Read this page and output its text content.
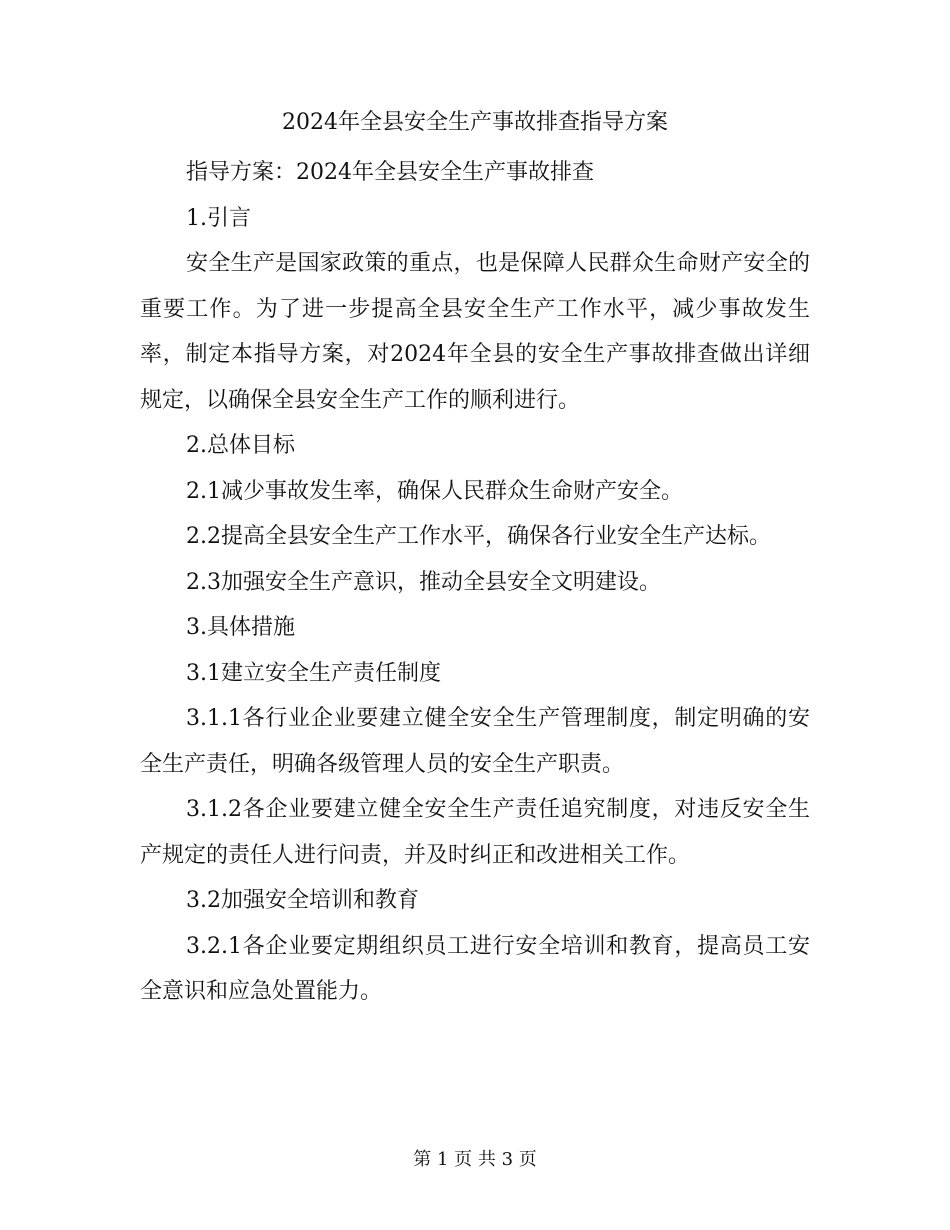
2024年全县安全生产事故排查指导方案

指导方案：2024年全县安全生产事故排查

1.引言

安全生产是国家政策的重点，也是保障人民群众生命财产安全的重要工作。为了进一步提高全县安全生产工作水平，减少事故发生率，制定本指导方案，对2024年全县的安全生产事故排查做出详细规定，以确保全县安全生产工作的顺利进行。

2.总体目标

2.1减少事故发生率，确保人民群众生命财产安全。

2.2提高全县安全生产工作水平，确保各行业安全生产达标。

2.3加强安全生产意识，推动全县安全文明建设。

3.具体措施

3.1建立安全生产责任制度

3.1.1各行业企业要建立健全安全生产管理制度，制定明确的安全生产责任，明确各级管理人员的安全生产职责。

3.1.2各企业要建立健全安全生产责任追究制度，对违反安全生产规定的责任人进行问责，并及时纠正和改进相关工作。

3.2加强安全培训和教育

3.2.1各企业要定期组织员工进行安全培训和教育，提高员工安全意识和应急处置能力。

第 1 页 共 3 页
